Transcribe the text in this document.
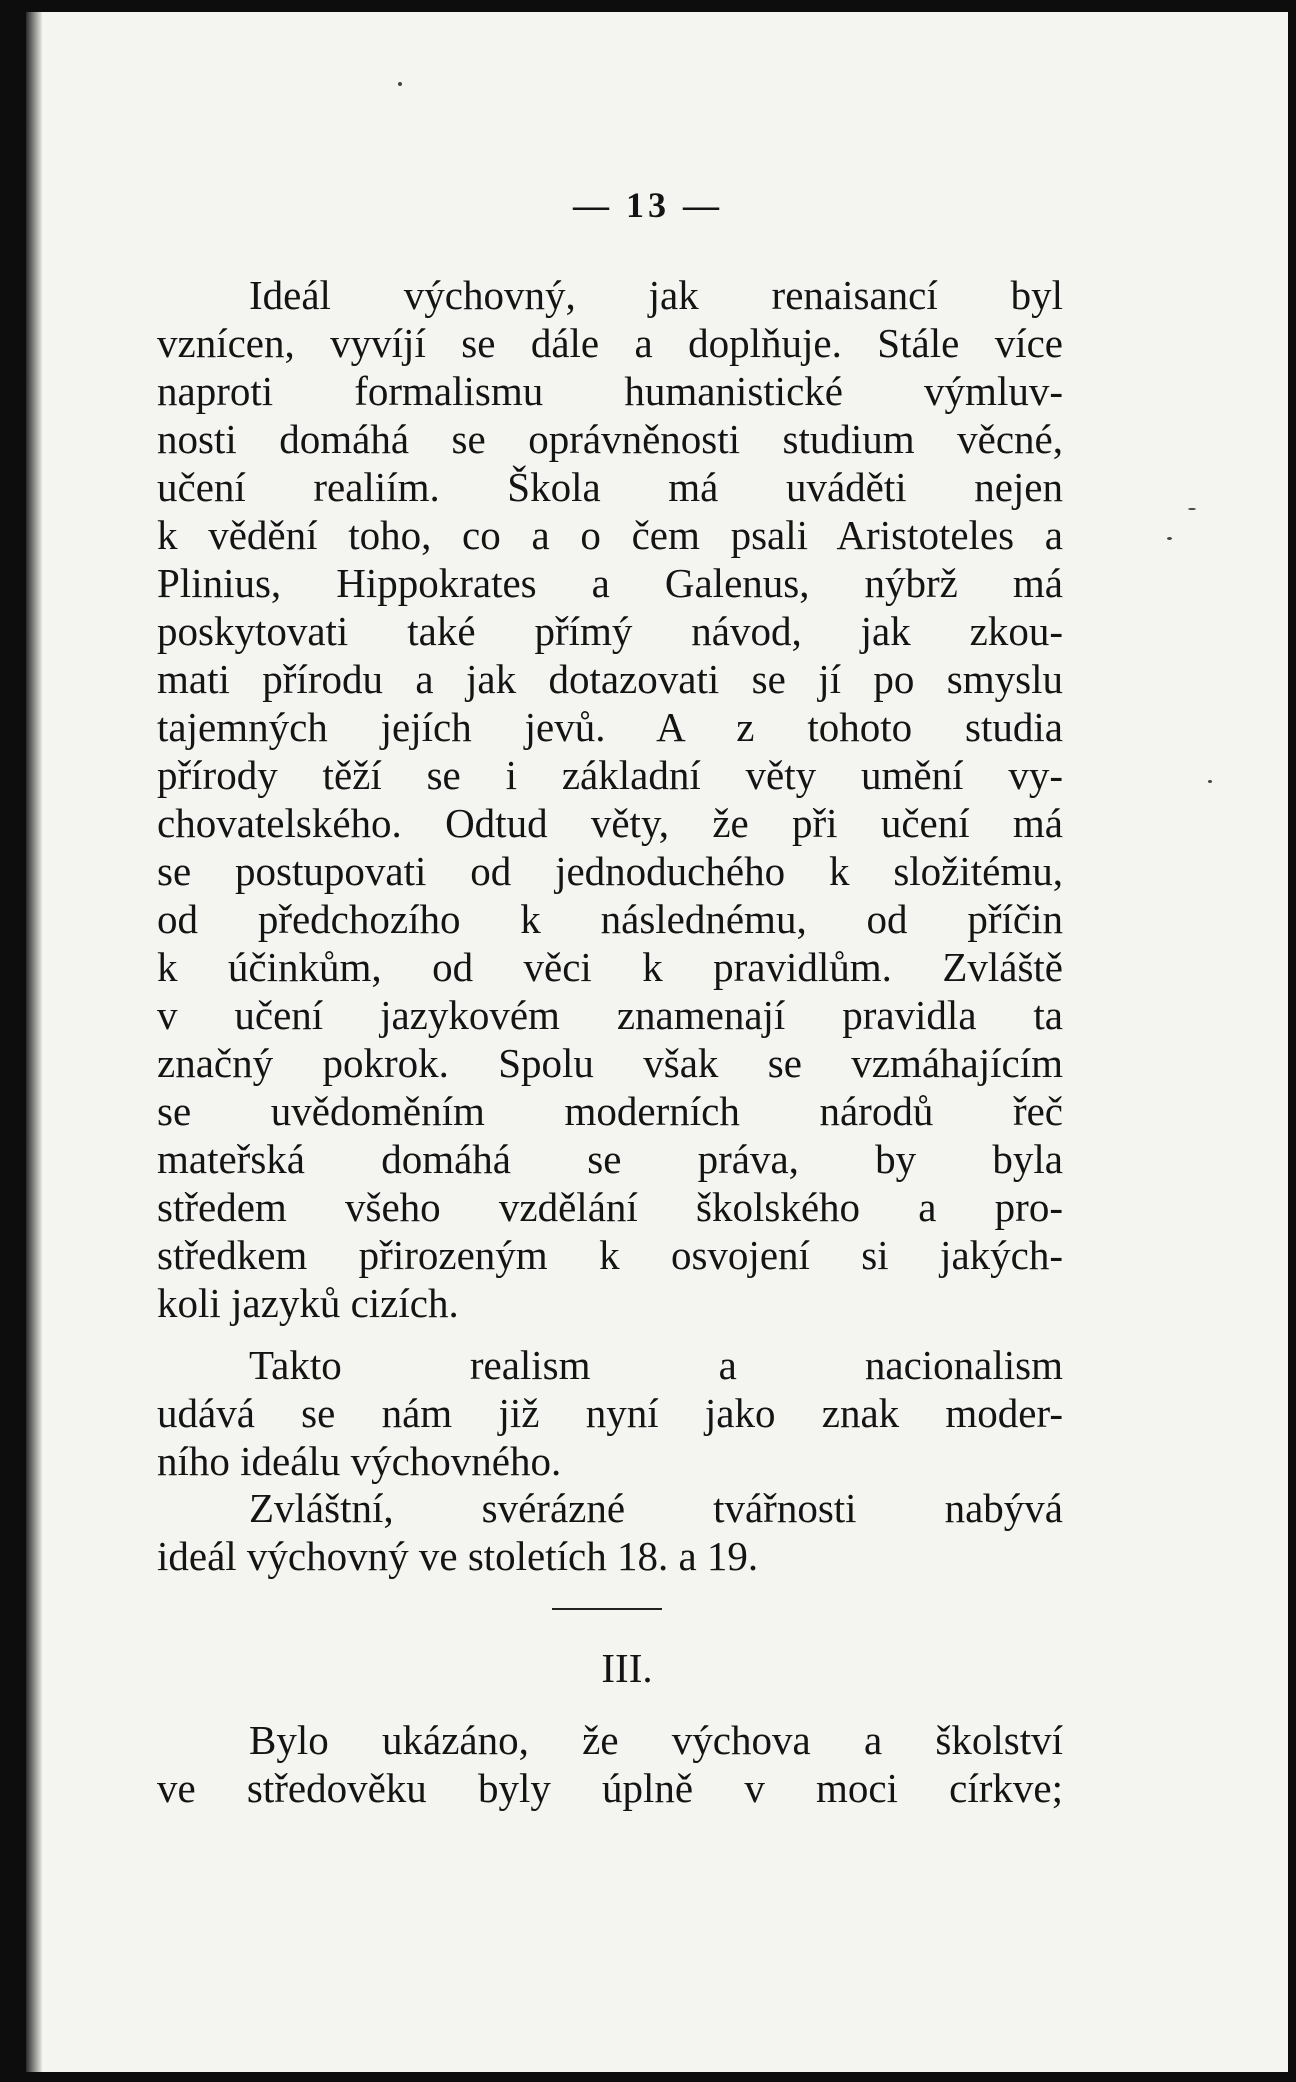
— 13 —
Ideál výchovný, jak renaisancí byl
vznícen, vyvíjí se dále a doplňuje. Stále více
naproti formalismu humanistické výmluv-
nosti domáhá se oprávněnosti studium věcné,
učení realiím. Škola má uváděti nejen
k vědění toho, co a o čem psali Aristoteles a
Plinius, Hippokrates a Galenus, nýbrž má
poskytovati také přímý návod, jak zkou-
mati přírodu a jak dotazovati se jí po smyslu
tajemných jejích jevů. A z tohoto studia
přírody těží se i základní věty umění vy-
chovatelského. Odtud věty, že při učení má
se postupovati od jednoduchého k složitému,
od předchozího k následnému, od příčin
k účinkům, od věci k pravidlům. Zvláště
v učení jazykovém znamenají pravidla ta
značný pokrok. Spolu však se vzmáhajícím
se uvědoměním moderních národů řeč
mateřská domáhá se práva, by byla
středem všeho vzdělání školského a pro-
středkem přirozeným k osvojení si jakých-
koli jazyků cizích.
Takto realism a nacionalism
udává se nám již nyní jako znak moder-
ního ideálu výchovného.
Zvláštní, svérázné tvářnosti nabývá
ideál výchovný ve stoletích 18. a 19.
III.
Bylo ukázáno, že výchova a školství
ve středověku byly úplně v moci církve;
